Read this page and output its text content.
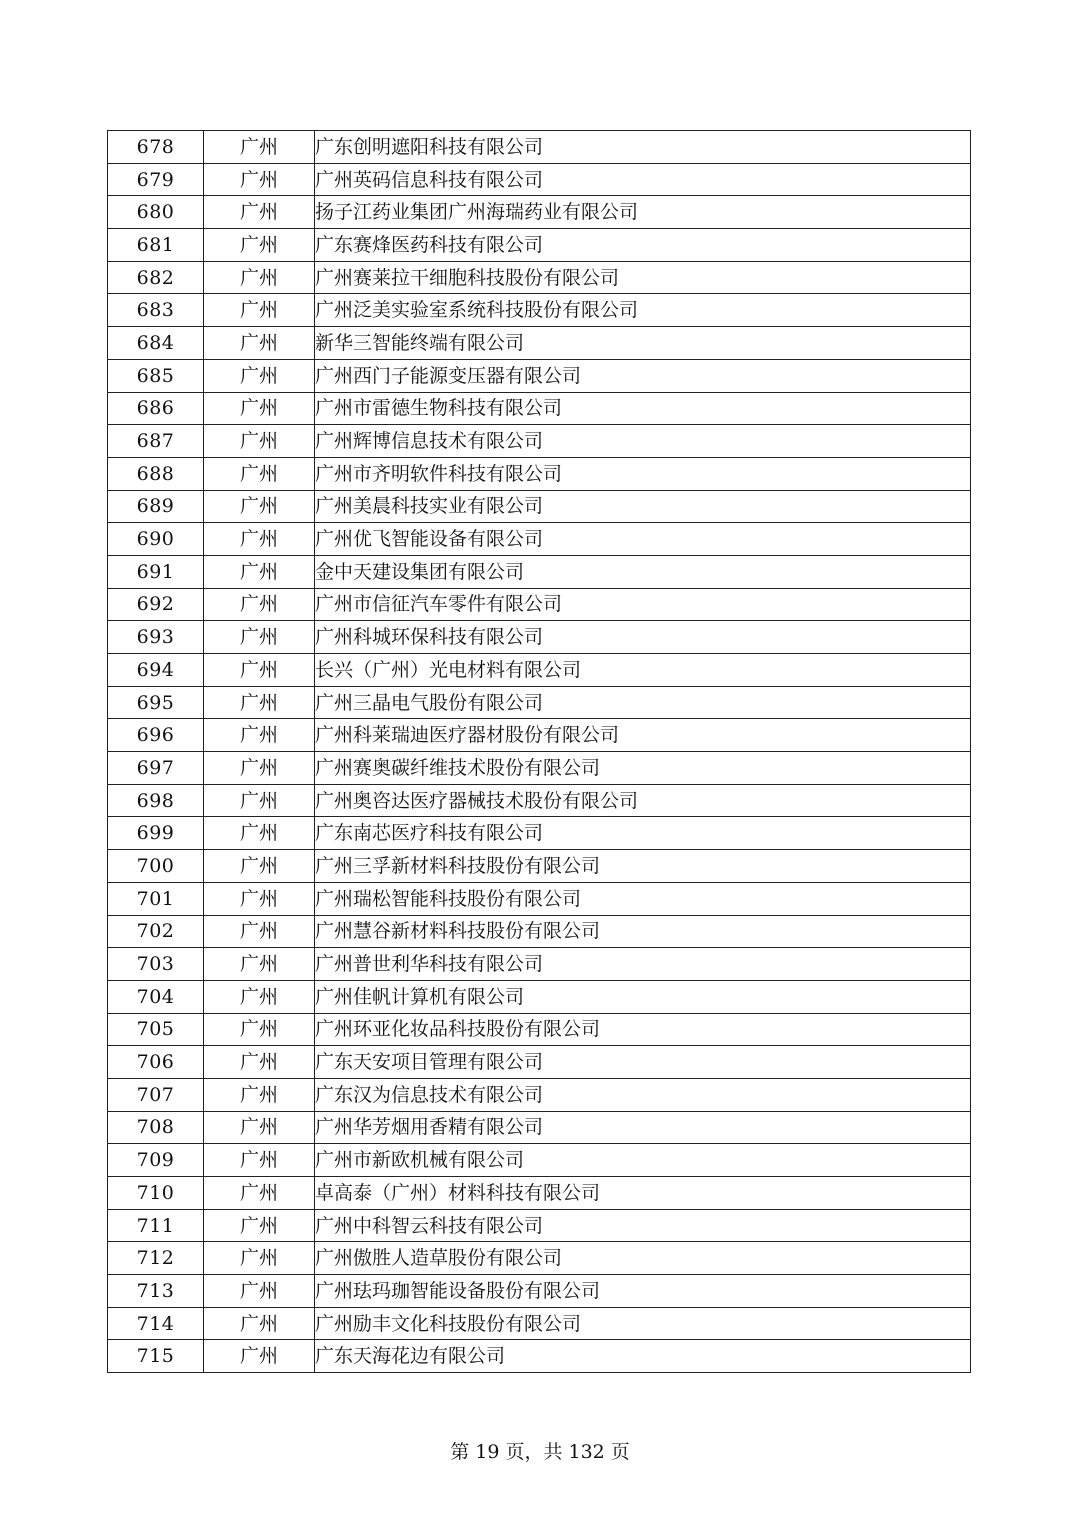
678	广州	广东创明遮阳科技有限公司
679	广州	广州英码信息科技有限公司
680	广州	扬子江药业集团广州海瑞药业有限公司
681	广州	广东赛烽医药科技有限公司
682	广州	广州赛莱拉干细胞科技股份有限公司
683	广州	广州泛美实验室系统科技股份有限公司
684	广州	新华三智能终端有限公司
685	广州	广州西门子能源变压器有限公司
686	广州	广州市雷德生物科技有限公司
687	广州	广州辉博信息技术有限公司
688	广州	广州市齐明软件科技有限公司
689	广州	广州美晨科技实业有限公司
690	广州	广州优飞智能设备有限公司
691	广州	金中天建设集团有限公司
692	广州	广州市信征汽车零件有限公司
693	广州	广州科城环保科技有限公司
694	广州	长兴（广州）光电材料有限公司
695	广州	广州三晶电气股份有限公司
696	广州	广州科莱瑞迪医疗器材股份有限公司
697	广州	广州赛奥碳纤维技术股份有限公司
698	广州	广州奥咨达医疗器械技术股份有限公司
699	广州	广东南芯医疗科技有限公司
700	广州	广州三孚新材料科技股份有限公司
701	广州	广州瑞松智能科技股份有限公司
702	广州	广州慧谷新材料科技股份有限公司
703	广州	广州普世利华科技有限公司
704	广州	广州佳帆计算机有限公司
705	广州	广州环亚化妆品科技股份有限公司
706	广州	广东天安项目管理有限公司
707	广州	广东汉为信息技术有限公司
708	广州	广州华芳烟用香精有限公司
709	广州	广州市新欧机械有限公司
710	广州	卓高泰（广州）材料科技有限公司
711	广州	广州中科智云科技有限公司
712	广州	广州傲胜人造草股份有限公司
713	广州	广州珐玛珈智能设备股份有限公司
714	广州	广州励丰文化科技股份有限公司
715	广州	广东天海花边有限公司
第 19 页，共 132 页
